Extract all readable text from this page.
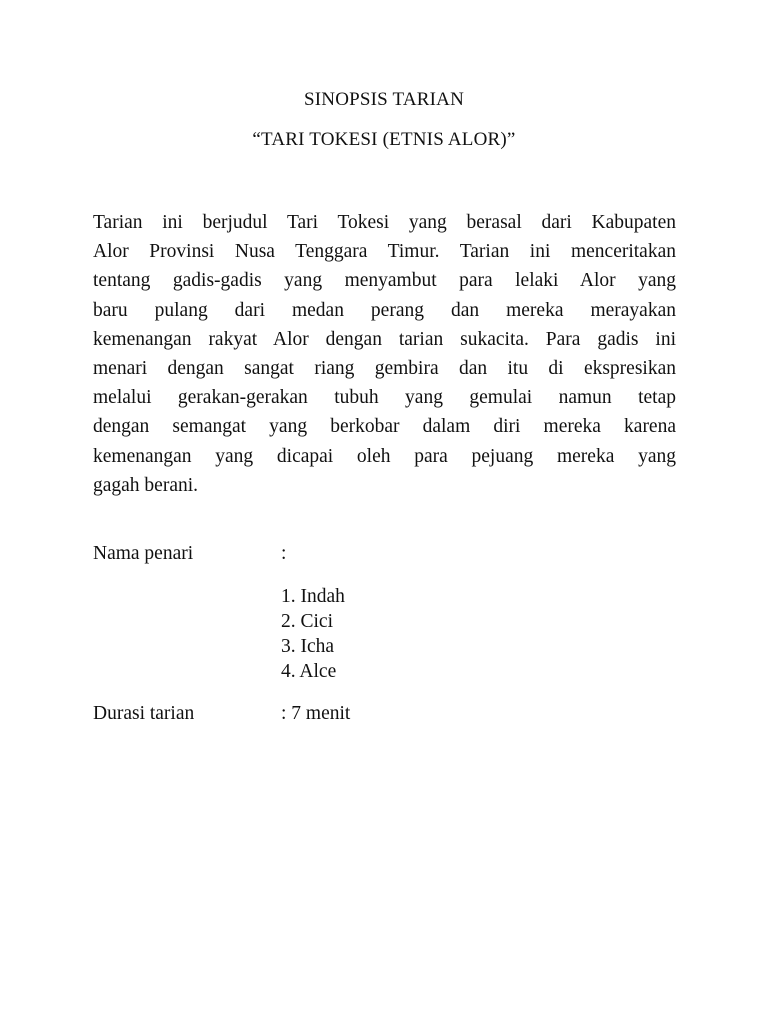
SINOPSIS TARIAN
“TARI TOKESI (ETNIS ALOR)”
Tarian ini berjudul Tari Tokesi yang berasal dari Kabupaten
Alor Provinsi Nusa Tenggara Timur. Tarian ini menceritakan
tentang gadis-gadis yang menyambut para lelaki Alor yang
baru pulang dari medan perang dan mereka merayakan
kemenangan rakyat Alor dengan tarian sukacita. Para gadis ini
menari dengan sangat riang gembira dan itu di ekspresikan
melalui gerakan-gerakan tubuh yang gemulai namun tetap
dengan semangat yang berkobar dalam diri mereka karena
kemenangan yang dicapai oleh para pejuang mereka yang
gagah berani.
Nama penari	:
1. Indah
2. Cici
3. Icha
4. Alce
Durasi tarian	: 7 menit
